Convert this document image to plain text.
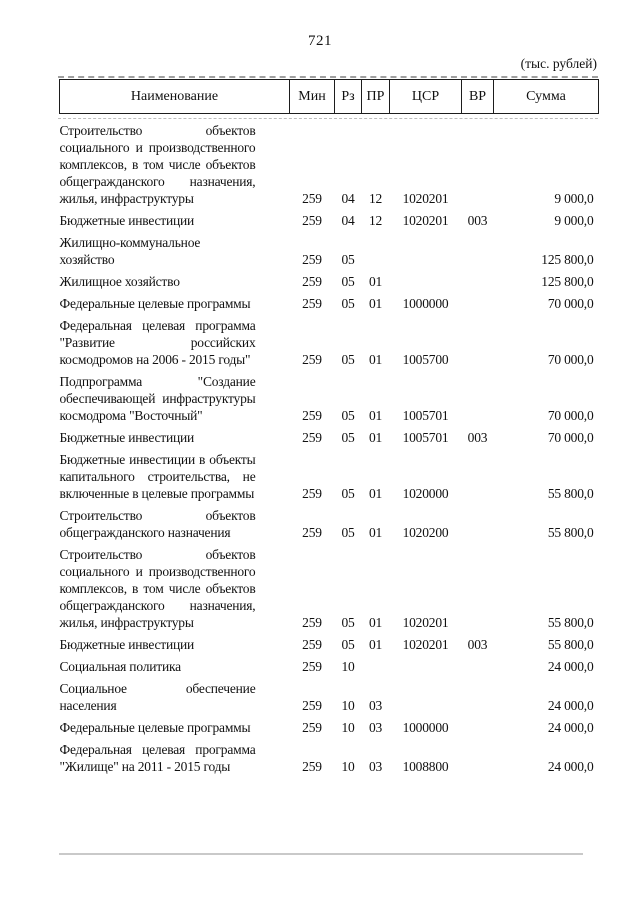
721
(тыс. рублей)
Наименование	Мин	Рз	ПР	ЦСР	ВР	Сумма
Строительство объектов социального и производственного комплексов, в том числе объектов общегражданского назначения, жилья, инфраструктуры	259	04	12	1020201		9 000,0
Бюджетные инвестиции	259	04	12	1020201	003	9 000,0
Жилищно-коммунальное хозяйство	259	05				125 800,0
Жилищное хозяйство	259	05	01			125 800,0
Федеральные целевые программы	259	05	01	1000000		70 000,0
Федеральная целевая программа "Развитие российских космодромов на 2006 - 2015 годы"	259	05	01	1005700		70 000,0
Подпрограмма "Создание обеспечивающей инфраструктуры космодрома "Восточный"	259	05	01	1005701		70 000,0
Бюджетные инвестиции	259	05	01	1005701	003	70 000,0
Бюджетные инвестиции в объекты капитального строительства, не включенные в целевые программы	259	05	01	1020000		55 800,0
Строительство объектов общегражданского назначения	259	05	01	1020200		55 800,0
Строительство объектов социального и производственного комплексов, в том числе объектов общегражданского назначения, жилья, инфраструктуры	259	05	01	1020201		55 800,0
Бюджетные инвестиции	259	05	01	1020201	003	55 800,0
Социальная политика	259	10				24 000,0
Социальное обеспечение населения	259	10	03			24 000,0
Федеральные целевые программы	259	10	03	1000000		24 000,0
Федеральная целевая программа "Жилище" на 2011 - 2015 годы	259	10	03	1008800		24 000,0
